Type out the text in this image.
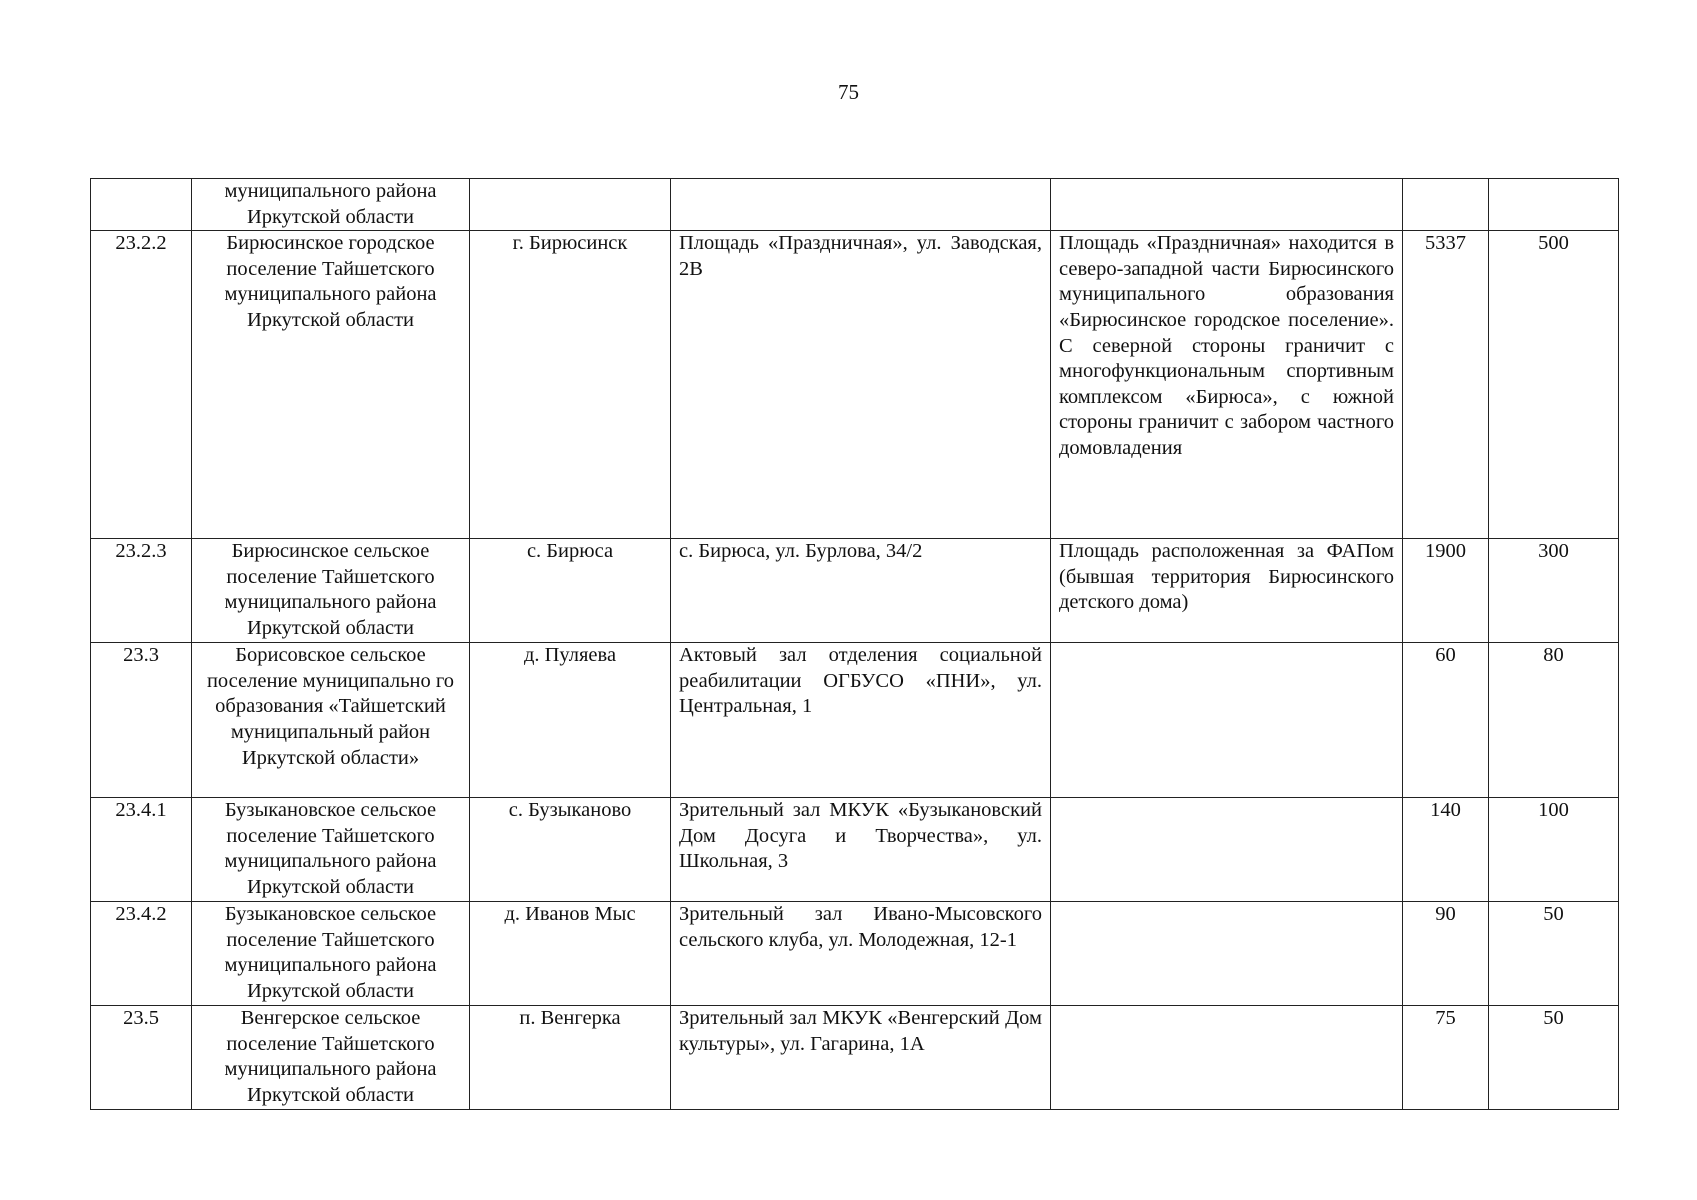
75
	муниципального района Иркутской области					
23.2.2	Бирюсинское городское поселение Тайшетского муниципального района Иркутской области	г. Бирюсинск	Площадь «Праздничная», ул. Заводская, 2В	Площадь «Праздничная» находится в северо-западной части Бирюсинского муниципального образования «Бирюсинское городское поселение». С северной стороны граничит с многофункциональным спортивным комплексом «Бирюса», с южной стороны граничит с забором частного домовладения	5337	500
23.2.3	Бирюсинское сельское поселение Тайшетского муниципального района Иркутской области	с. Бирюса	с. Бирюса, ул. Бурлова, 34/2	Площадь расположенная за ФАПом (бывшая территория Бирюсинского детского дома)	1900	300
23.3	Борисовское сельское поселение муниципально го образования «Тайшетский муниципальный район Иркутской области»	д. Пуляева	Актовый зал отделения социальной реабилитации ОГБУСО «ПНИ», ул. Центральная, 1		60	80
23.4.1	Бузыкановское сельское поселение Тайшетского муниципального района Иркутской области	с. Бузыканово	Зрительный зал МКУК «Бузыкановский Дом Досуга и Творчества», ул. Школьная, 3		140	100
23.4.2	Бузыкановское сельское поселение Тайшетского муниципального района Иркутской области	д. Иванов Мыс	Зрительный зал Ивано-Мысовского сельского клуба, ул. Молодежная, 12-1		90	50
23.5	Венгерское сельское поселение Тайшетского муниципального района Иркутской области	п. Венгерка	Зрительный зал МКУК «Венгерский Дом культуры», ул. Гагарина, 1А		75	50
